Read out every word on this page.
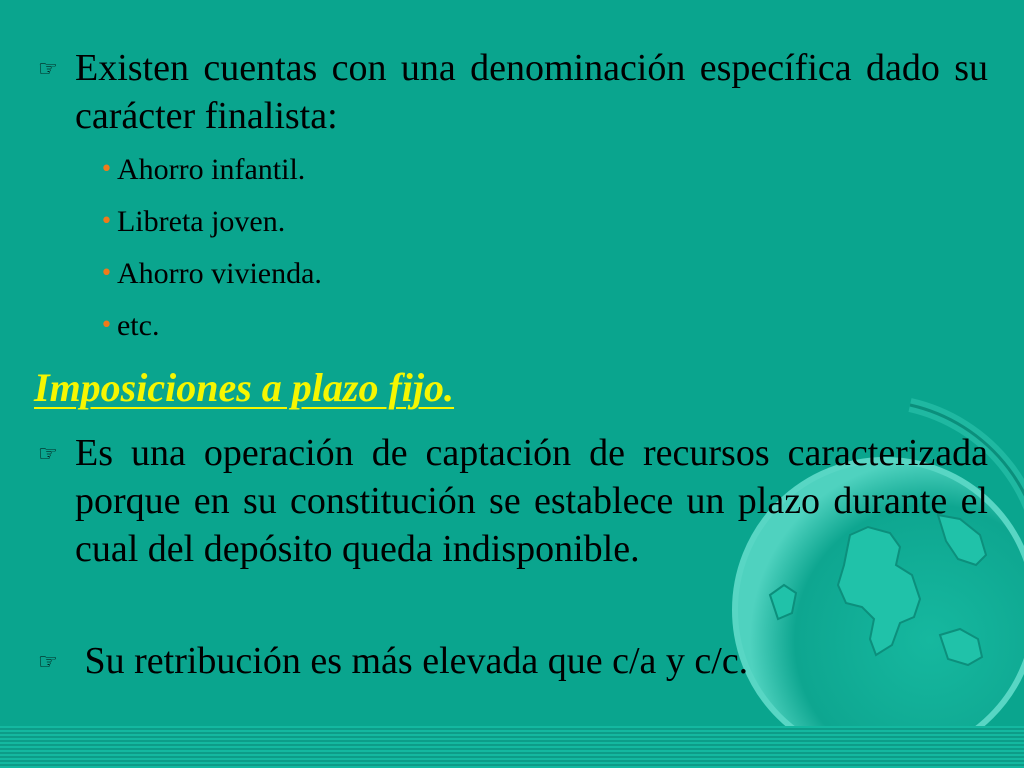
☞ Existen cuentas con una denominación específica dado su carácter finalista:
• Ahorro infantil.
• Libreta joven.
• Ahorro vivienda.
• etc.
Imposiciones a plazo fijo.
☞ Es una operación de captación de recursos caracterizada porque en su constitución se establece un plazo durante el cual del depósito queda indisponible.
☞ Su retribución es más elevada que c/a y c/c.
